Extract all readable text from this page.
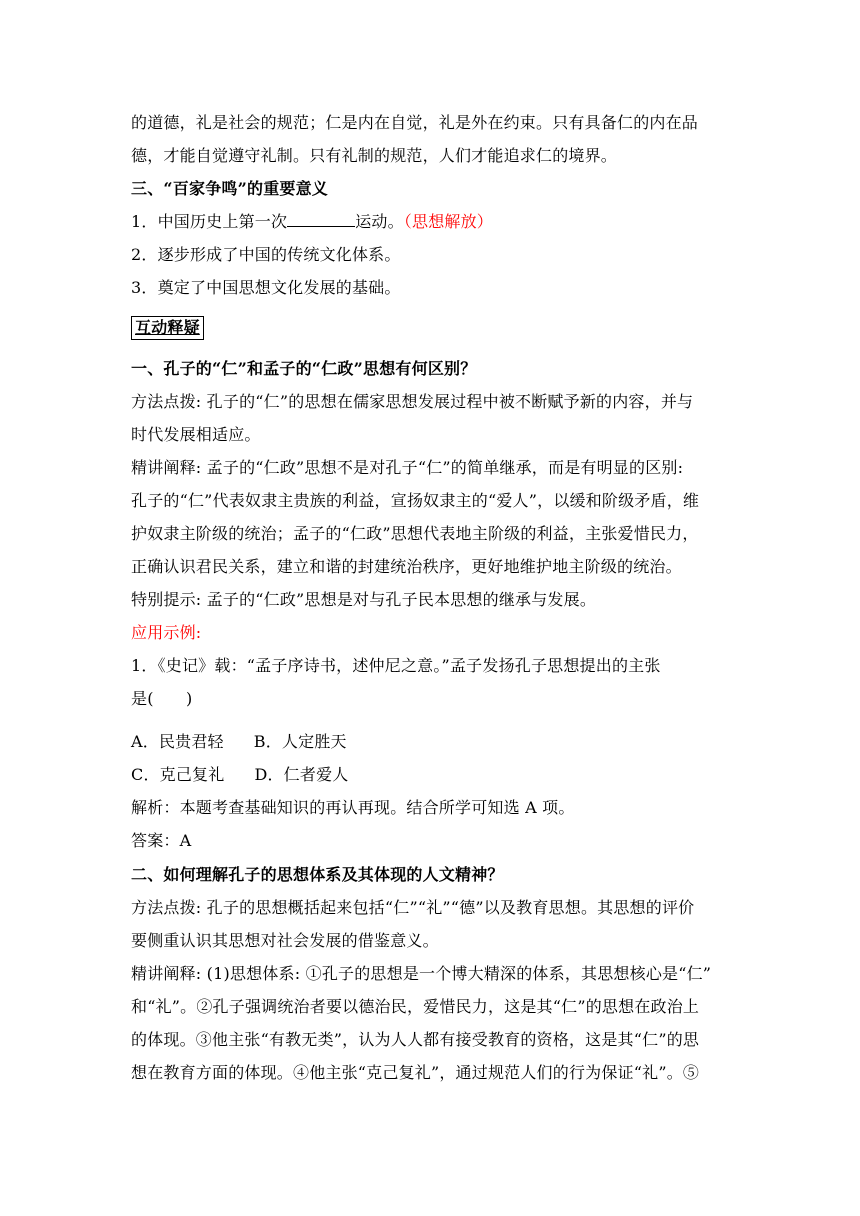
的道德，礼是社会的规范；仁是内在自觉，礼是外在约束。只有具备仁的内在品
德，才能自觉遵守礼制。只有礼制的规范，人们才能追求仁的境界。
三、“百家争鸣”的重要意义
1．中国历史上第一次	运动。（思想解放）
2．逐步形成了中国的传统文化体系。
3．奠定了中国思想文化发展的基础。
互动释疑
一、孔子的“仁”和孟子的“仁政”思想有何区别？
方法点拨: 孔子的“仁”的思想在儒家思想发展过程中被不断赋予新的内容，并与
时代发展相适应。
精讲阐释: 孟子的“仁政”思想不是对孔子“仁”的简单继承，而是有明显的区别:
孔子的“仁”代表奴隶主贵族的利益，宣扬奴隶主的“爱人”，以缓和阶级矛盾，维
护奴隶主阶级的统治；孟子的“仁政”思想代表地主阶级的利益，主张爱惜民力，
正确认识君民关系，建立和谐的封建统治秩序，更好地维护地主阶级的统治。
特别提示: 孟子的“仁政”思想是对与孔子民本思想的继承与发展。
应用示例:
1．《史记》载：“孟子序诗书，述仲尼之意。”孟子发扬孔子思想提出的主张
是(　　)
A．民贵君轻 B．人定胜天
C．克己复礼 D．仁者爱人
解析：本题考查基础知识的再认再现。结合所学可知选 A 项。
答案：A
二、如何理解孔子的思想体系及其体现的人文精神？
方法点拨: 孔子的思想概括起来包括“仁”“礼”“德”以及教育思想。其思想的评价
要侧重认识其思想对社会发展的借鉴意义。
精讲阐释: (1)思想体系: ①孔子的思想是一个博大精深的体系，其思想核心是“仁”
和“礼”。②孔子强调统治者要以德治民，爱惜民力，这是其“仁”的思想在政治上
的体现。③他主张“有教无类”，认为人人都有接受教育的资格，这是其“仁”的思
想在教育方面的体现。④他主张“克己复礼”，通过规范人们的行为保证“礼”。⑤
